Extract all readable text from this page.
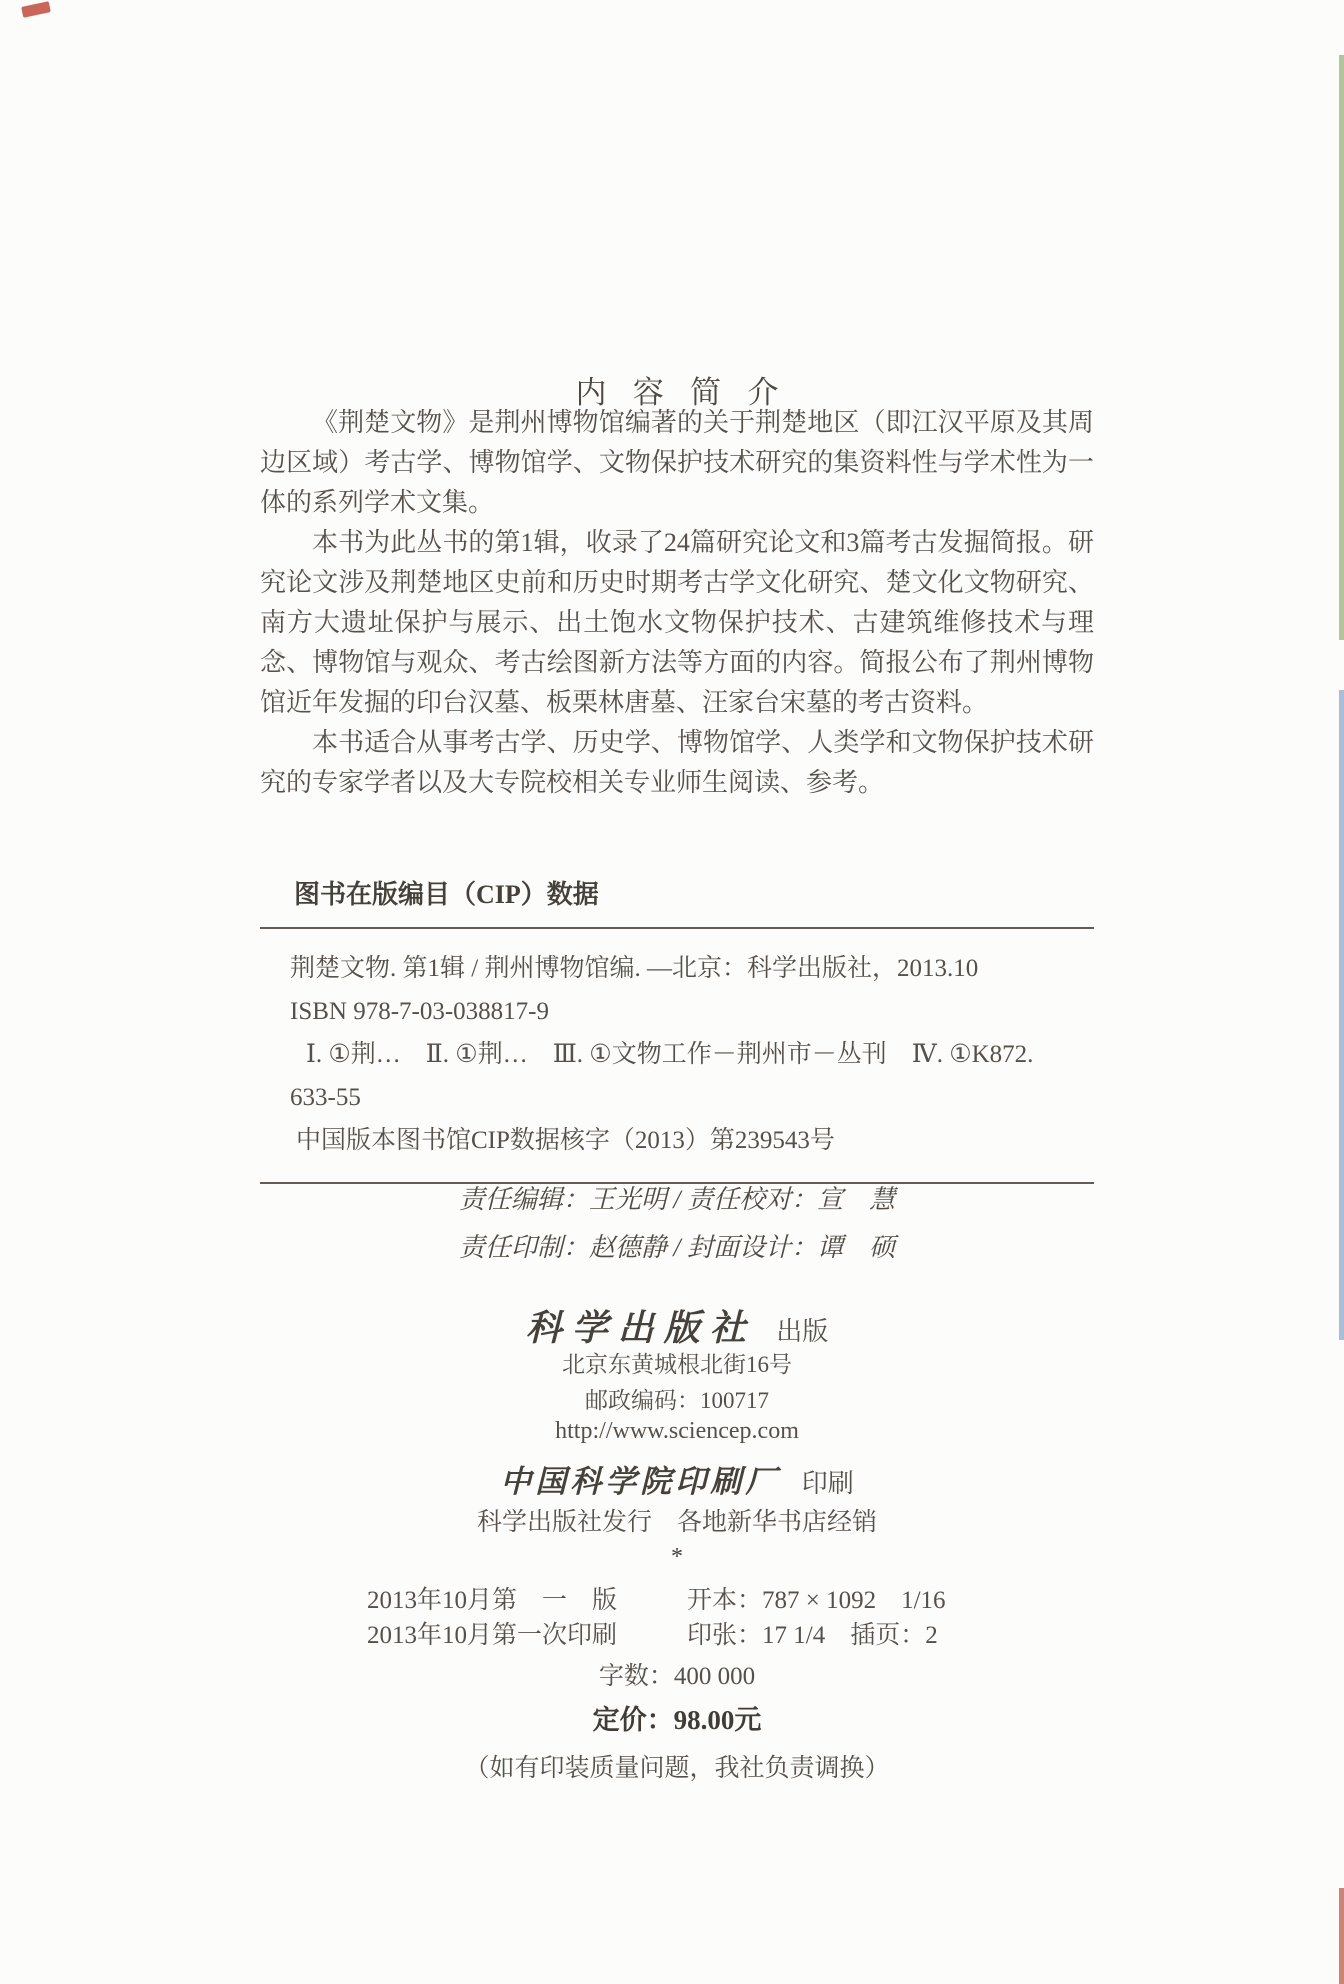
内容简介

《荆楚文物》是荆州博物馆编著的关于荆楚地区（即江汉平原及其周边区域）考古学、博物馆学、文物保护技术研究的集资料性与学术性为一体的系列学术文集。

本书为此丛书的第1辑，收录了24篇研究论文和3篇考古发掘简报。研究论文涉及荆楚地区史前和历史时期考古学文化研究、楚文化文物研究、南方大遗址保护与展示、出土饱水文物保护技术、古建筑维修技术与理念、博物馆与观众、考古绘图新方法等方面的内容。简报公布了荆州博物馆近年发掘的印台汉墓、板栗林唐墓、汪家台宋墓的考古资料。

本书适合从事考古学、历史学、博物馆学、人类学和文物保护技术研究的专家学者以及大专院校相关专业师生阅读、参考。

图书在版编目（CIP）数据

荆楚文物. 第1辑 / 荆州博物馆编. —北京：科学出版社，2013.10

ISBN 978-7-03-038817-9

Ⅰ. ①荆…　Ⅱ. ①荆…　Ⅲ. ①文物工作－荆州市－丛刊　Ⅳ. ①K872.

633-55

中国版本图书馆CIP数据核字（2013）第239543号

责任编辑：王光明 / 责任校对：宣　慧

责任印制：赵德静 / 封面设计：谭　硕

科学出版社 出版
北京东黄城根北街16号
邮政编码：100717
http://www.sciencep.com
中国科学院印刷厂 印刷
科学出版社发行　各地新华书店经销
*
2013年10月第　一　版	开本：787 × 1092　1/16
2013年10月第一次印刷	印张：17 1/4　插页：2
字数：400 000
定价：98.00元
（如有印装质量问题，我社负责调换）
